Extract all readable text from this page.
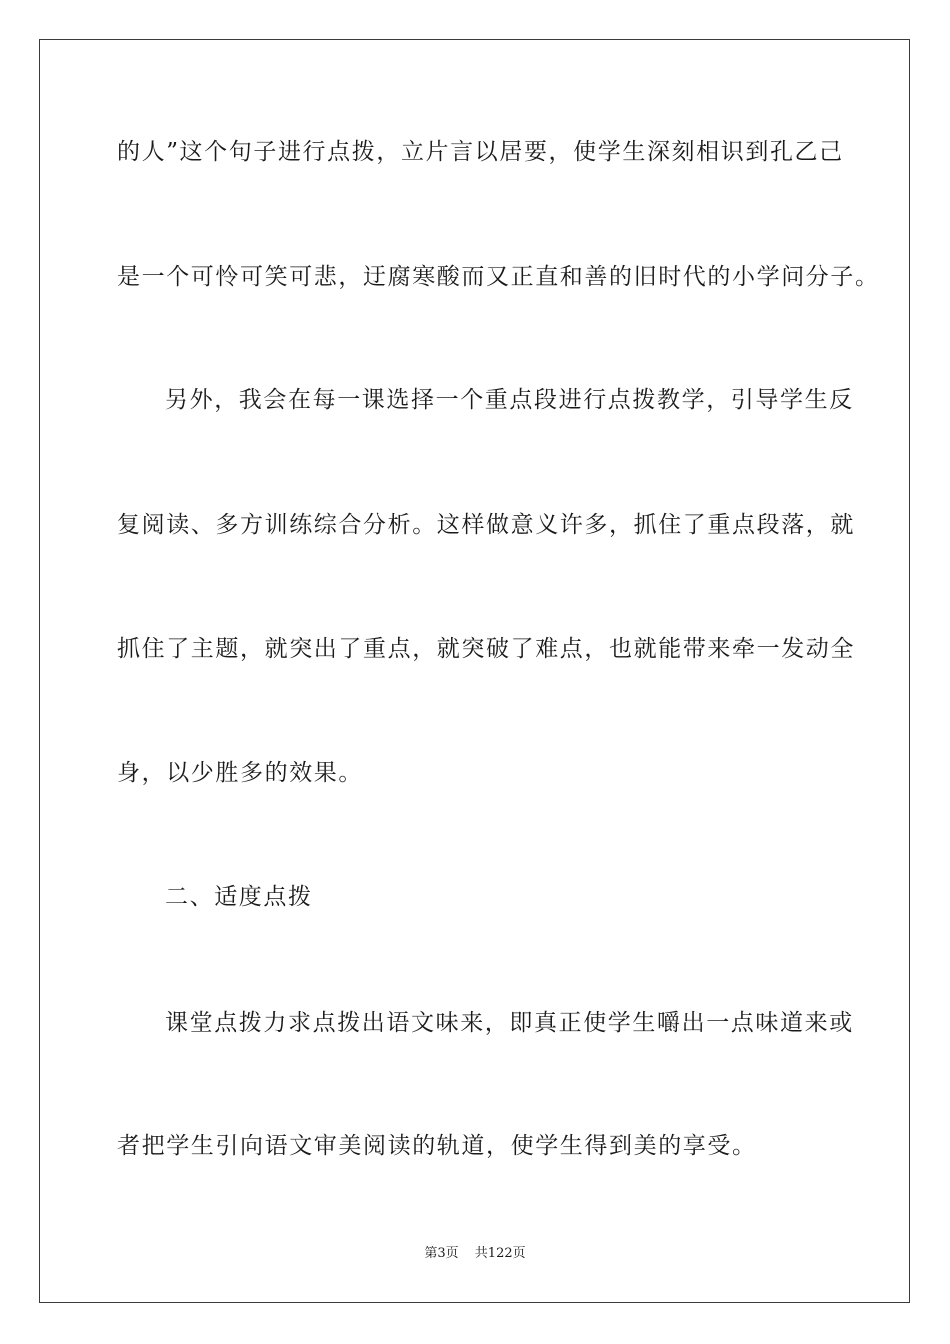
的人”这个句子进行点拨，立片言以居要，使学生深刻相识到孔乙己
是一个可怜可笑可悲，迂腐寒酸而又正直和善的旧时代的小学问分子。
另外，我会在每一课选择一个重点段进行点拨教学，引导学生反
复阅读、多方训练综合分析。这样做意义许多，抓住了重点段落，就
抓住了主题，就突出了重点，就突破了难点，也就能带来牵一发动全
身，以少胜多的效果。
二、适度点拨
课堂点拨力求点拨出语文味来，即真正使学生嚼出一点味道来或
者把学生引向语文审美阅读的轨道，使学生得到美的享受。
第3页 共122页
